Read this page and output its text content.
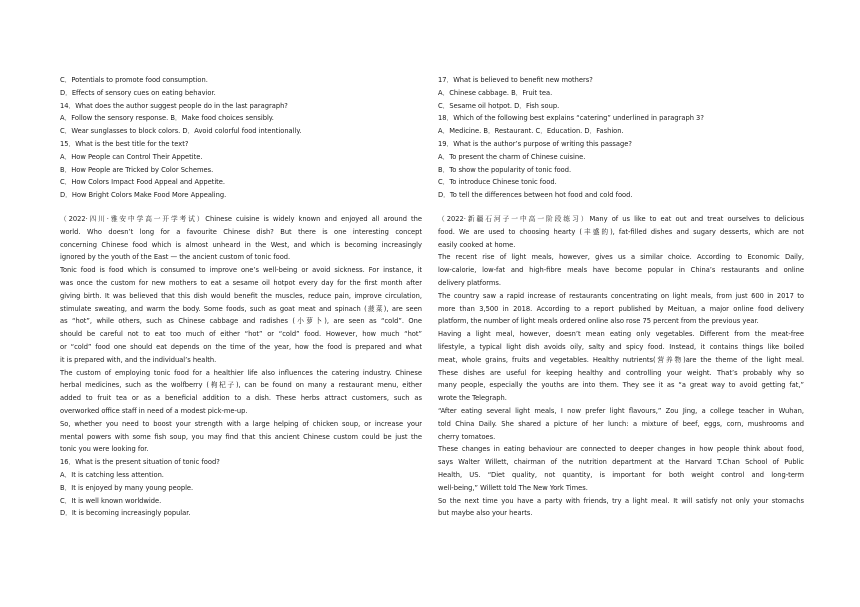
C．Potentials to promote food consumption.
D．Effects of sensory cues on eating behavior.
14．What does the author suggest people do in the last paragraph?
A．Follow the sensory response. B．Make food choices sensibly.
C．Wear sunglasses to block colors. D．Avoid colorful food intentionally.
15．What is the best title for the text?
A．How People can Control Their Appetite.
B．How People are Tricked by Color Schemes.
C．How Colors Impact Food Appeal and Appetite.
D．How Bright Colors Make Food More Appealing.
（2022·四川·雅安中学高一开学考试）Chinese cuisine is widely known and enjoyed all around the
world. Who doesn’t long for a favourite Chinese dish? But there is one interesting concept
concerning Chinese food which is almost unheard in the West, and which is becoming increasingly
ignored by the youth of the East — the ancient custom of tonic food.
Tonic food is food which is consumed to improve one’s well-being or avoid sickness. For instance, it
was once the custom for new mothers to eat a sesame oil hotpot every day for the first month after
giving birth. It was believed that this dish would benefit the muscles, reduce pain, improve circulation,
stimulate sweating, and warm the body. Some foods, such as goat meat and spinach (菠菜), are seen
as “hot”, while others, such as Chinese cabbage and radishes (小萝卜), are seen as “cold”. One
should be careful not to eat too much of either “hot” or “cold” food. However, how much “hot”
or “cold” food one should eat depends on the time of the year, how the food is prepared and what
it is prepared with, and the individual’s health.
The custom of employing tonic food for a healthier life also influences the catering industry. Chinese
herbal medicines, such as the wolfberry (枸杞子), can be found on many a restaurant menu, either
added to fruit tea or as a beneficial addition to a dish. These herbs attract customers, such as
overworked office staff in need of a modest pick-me-up.
So, whether you need to boost your strength with a large helping of chicken soup, or increase your
mental powers with some fish soup, you may find that this ancient Chinese custom could be just the
tonic you were looking for.
16．What is the present situation of tonic food?
A．It is catching less attention.
B．It is enjoyed by many young people.
C．It is well known worldwide.
D．It is becoming increasingly popular.
17．What is believed to benefit new mothers?
A．Chinese cabbage. B．Fruit tea.
C．Sesame oil hotpot. D．Fish soup.
18．Which of the following best explains “catering” underlined in paragraph 3?
A．Medicine. B．Restaurant. C．Education. D．Fashion.
19．What is the author’s purpose of writing this passage?
A．To present the charm of Chinese cuisine.
B．To show the popularity of tonic food.
C．To introduce Chinese tonic food.
D．To tell the differences between hot food and cold food.
（2022·新疆石河子一中高一阶段练习）Many of us like to eat out and treat ourselves to delicious
food. We are used to choosing hearty (丰盛的), fat-filled dishes and sugary desserts, which are not
easily cooked at home.
The recent rise of light meals, however, gives us a similar choice. According to Economic Daily,
low-calorie, low-fat and high-fibre meals have become popular in China’s restaurants and online
delivery platforms.
The country saw a rapid increase of restaurants concentrating on light meals, from just 600 in 2017 to
more than 3,500 in 2018. According to a report published by Meituan, a major online food delivery
platform, the number of light meals ordered online also rose 75 percent from the previous year.
Having a light meal, however, doesn’t mean eating only vegetables. Different from the meat-free
lifestyle, a typical light dish avoids oily, salty and spicy food. Instead, it contains things like boiled
meat, whole grains, fruits and vegetables. Healthy nutrients(营养物)are the theme of the light meal.
These dishes are useful for keeping healthy and controlling your weight. That’s probably why so
many people, especially the youths are into them. They see it as “a great way to avoid getting fat,”
wrote the Telegraph.
“After eating several light meals, I now prefer light flavours,” Zou Jing, a college teacher in Wuhan,
told China Daily. She shared a picture of her lunch: a mixture of beef, eggs, corn, mushrooms and
cherry tomatoes.
These changes in eating behaviour are connected to deeper changes in how people think about food,
says Walter Willett, chairman of the nutrition department at the Harvard T.Chan School of Public
Health, US. “Diet quality, not quantity, is important for both weight control and long-term
well-being,” Willett told The New York Times.
So the next time you have a party with friends, try a light meal. It will satisfy not only your stomachs
but maybe also your hearts.
